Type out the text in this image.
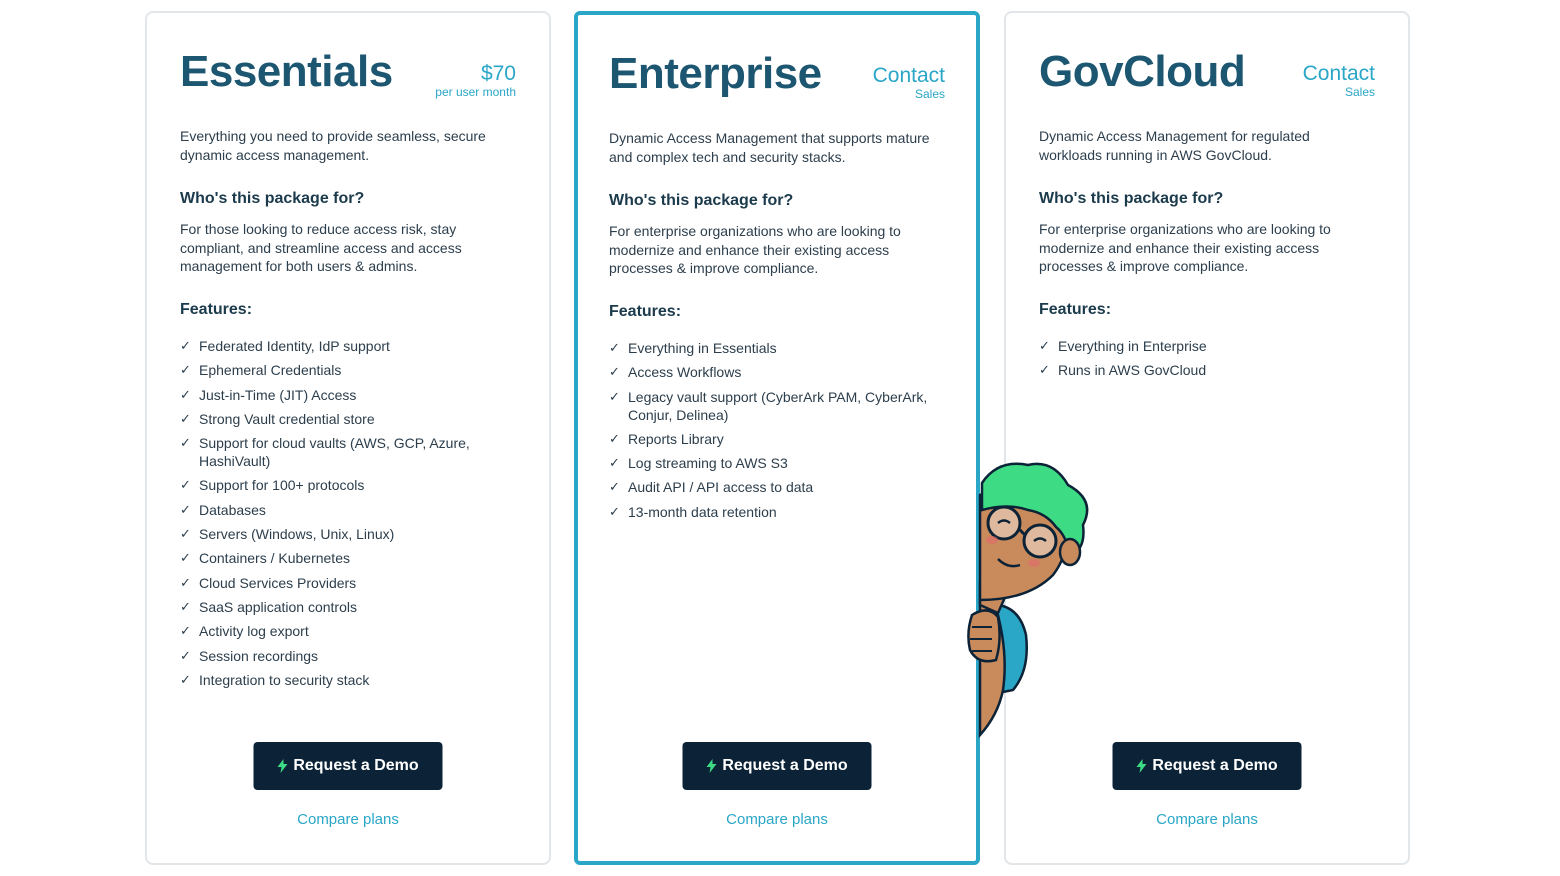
Essentials	$70
per user month

Everything you need to provide seamless, secure dynamic access management.

Who's this package for?

For those looking to reduce access risk, stay compliant, and streamline access and access management for both users & admins.

Features:
✓ Federated Identity, IdP support
✓ Ephemeral Credentials
✓ Just-in-Time (JIT) Access
✓ Strong Vault credential store
✓ Support for cloud vaults (AWS, GCP, Azure, HashiVault)
✓ Support for 100+ protocols
✓ Databases
✓ Servers (Windows, Unix, Linux)
✓ Containers / Kubernetes
✓ Cloud Services Providers
✓ SaaS application controls
✓ Activity log export
✓ Session recordings
✓ Integration to security stack
Request a Demo
Compare plans
Enterprise Contact
Sales

Dynamic Access Management that supports mature and complex tech and security stacks.

Who's this package for?

For enterprise organizations who are looking to modernize and enhance their existing access processes & improve compliance.

Features:
✓ Everything in Essentials
✓ Access Workflows
✓ Legacy vault support (CyberArk PAM, CyberArk, Conjur, Delinea)
✓ Reports Library
✓ Log streaming to AWS S3
✓ Audit API / API access to data
✓ 13-month data retention
Request a Demo
Compare plans
GovCloud	Contact
Sales

Dynamic Access Management for regulated workloads running in AWS GovCloud.

Who's this package for?

For enterprise organizations who are looking to modernize and enhance their existing access processes & improve compliance.

Features:
✓ Everything in Enterprise
✓ Runs in AWS GovCloud
Request a Demo
Compare plans
